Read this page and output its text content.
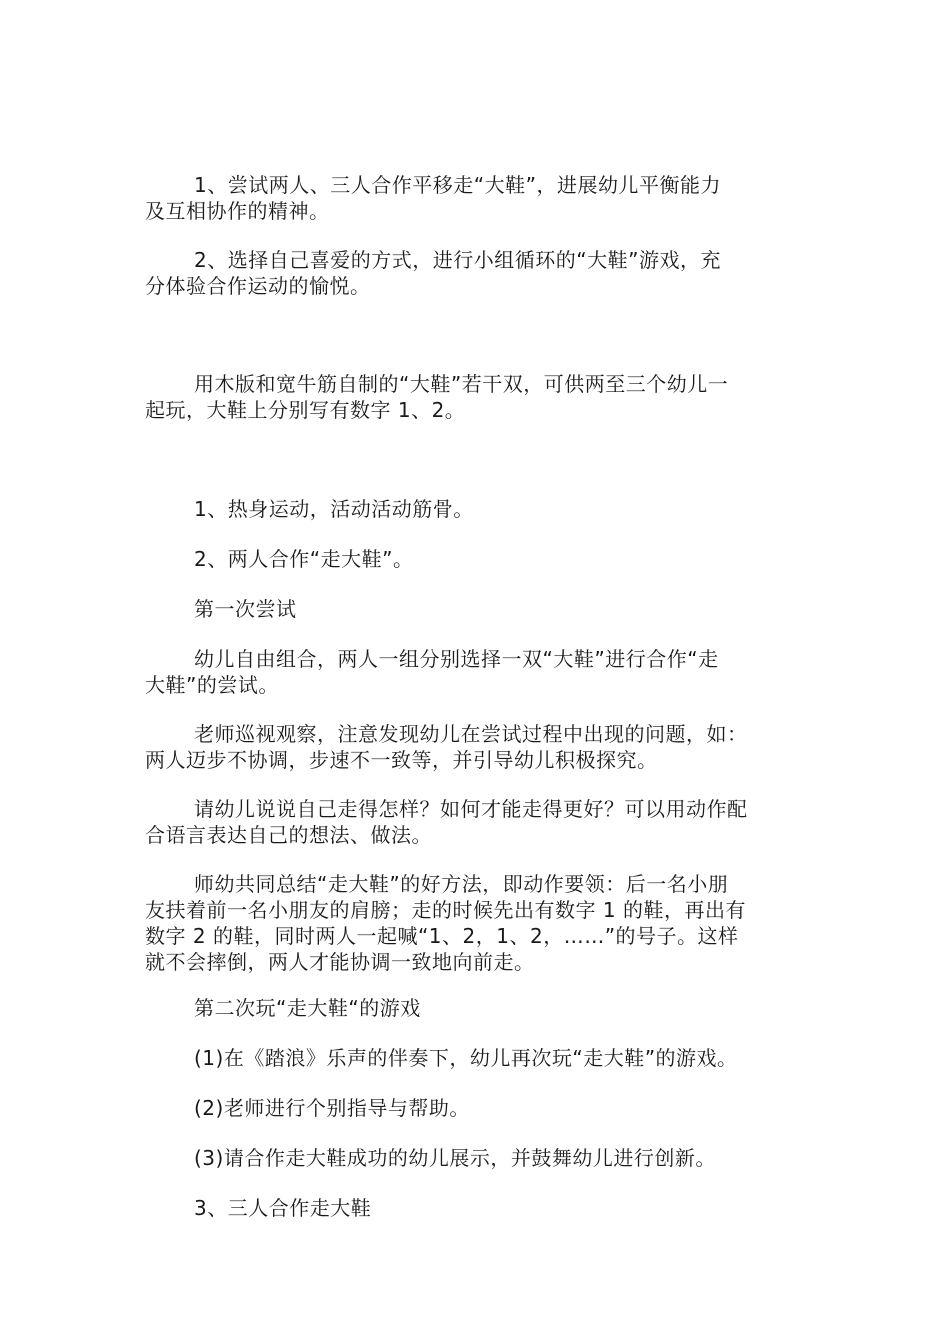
1、尝试两人、三人合作平移走“大鞋”，进展幼儿平衡能力
及互相协作的精神。

2、选择自己喜爱的方式，进行小组循环的“大鞋”游戏，充
分体验合作运动的愉悦。

用木版和宽牛筋自制的“大鞋”若干双，可供两至三个幼儿一
起玩，大鞋上分别写有数字 1、2。

1、热身运动，活动活动筋骨。

2、两人合作“走大鞋”。

第一次尝试

幼儿自由组合，两人一组分别选择一双“大鞋”进行合作“走
大鞋”的尝试。

老师巡视观察，注意发现幼儿在尝试过程中出现的问题，如：
两人迈步不协调，步速不一致等，并引导幼儿积极探究。

请幼儿说说自己走得怎样？如何才能走得更好？可以用动作配
合语言表达自己的想法、做法。

师幼共同总结“走大鞋”的好方法，即动作要领：后一名小朋
友扶着前一名小朋友的肩膀；走的时候先出有数字 1 的鞋，再出有
数字 2 的鞋，同时两人一起喊“1、2，1、2，……”的号子。这样
就不会摔倒，两人才能协调一致地向前走。

第二次玩“走大鞋“的游戏

(1)在《踏浪》乐声的伴奏下，幼儿再次玩“走大鞋”的游戏。

(2)老师进行个别指导与帮助。

(3)请合作走大鞋成功的幼儿展示，并鼓舞幼儿进行创新。

3、三人合作走大鞋
